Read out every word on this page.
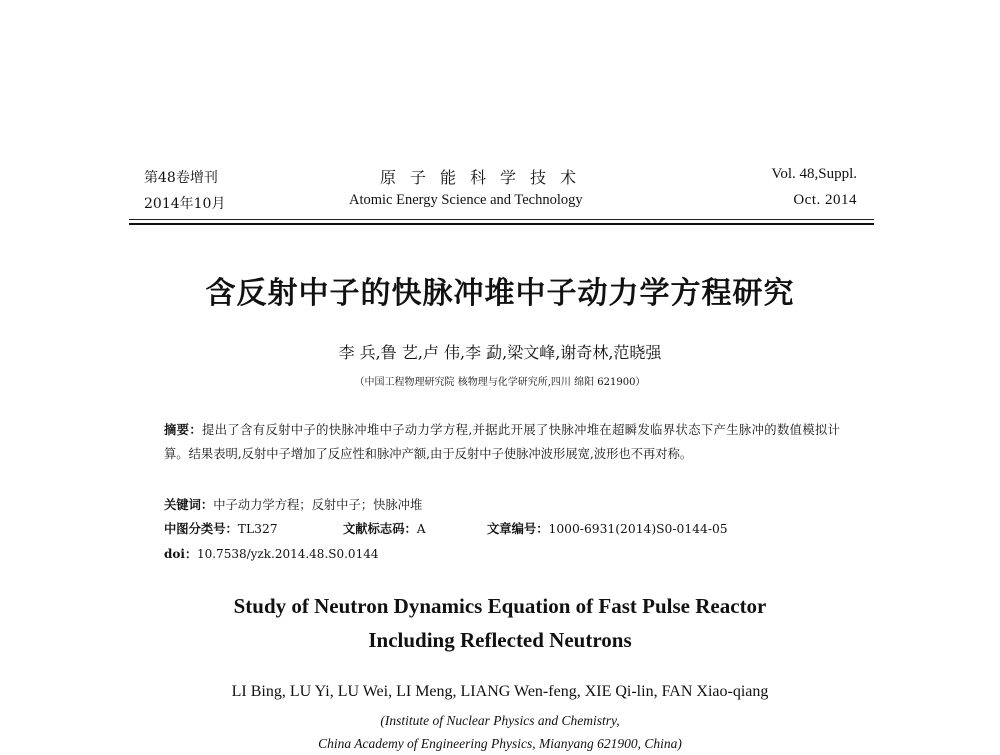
第48卷增刊
2014年10月
原子能科学技术
Atomic Energy Science and Technology
Vol. 48,Suppl.
Oct. 2014
含反射中子的快脉冲堆中子动力学方程研究
李 兵,鲁 艺,卢 伟,李 勐,梁文峰,谢奇林,范晓强
（中国工程物理研究院 核物理与化学研究所,四川 绵阳 621900）
摘要：提出了含有反射中子的快脉冲堆中子动力学方程,并据此开展了快脉冲堆在超瞬发临界状态下产生脉冲的数值模拟计算。结果表明,反射中子增加了反应性和脉冲产额,由于反射中子使脉冲波形展宽,波形也不再对称。
关键词：中子动力学方程；反射中子；快脉冲堆
中图分类号：TL327	文献标志码：A	文章编号：1000-6931(2014)S0-0144-05
doi：10.7538/yzk.2014.48.S0.0144
Study of Neutron Dynamics Equation of Fast Pulse Reactor
Including Reflected Neutrons
LI Bing, LU Yi, LU Wei, LI Meng, LIANG Wen-feng, XIE Qi-lin, FAN Xiao-qiang
(Institute of Nuclear Physics and Chemistry,
China Academy of Engineering Physics, Mianyang 621900, China)
